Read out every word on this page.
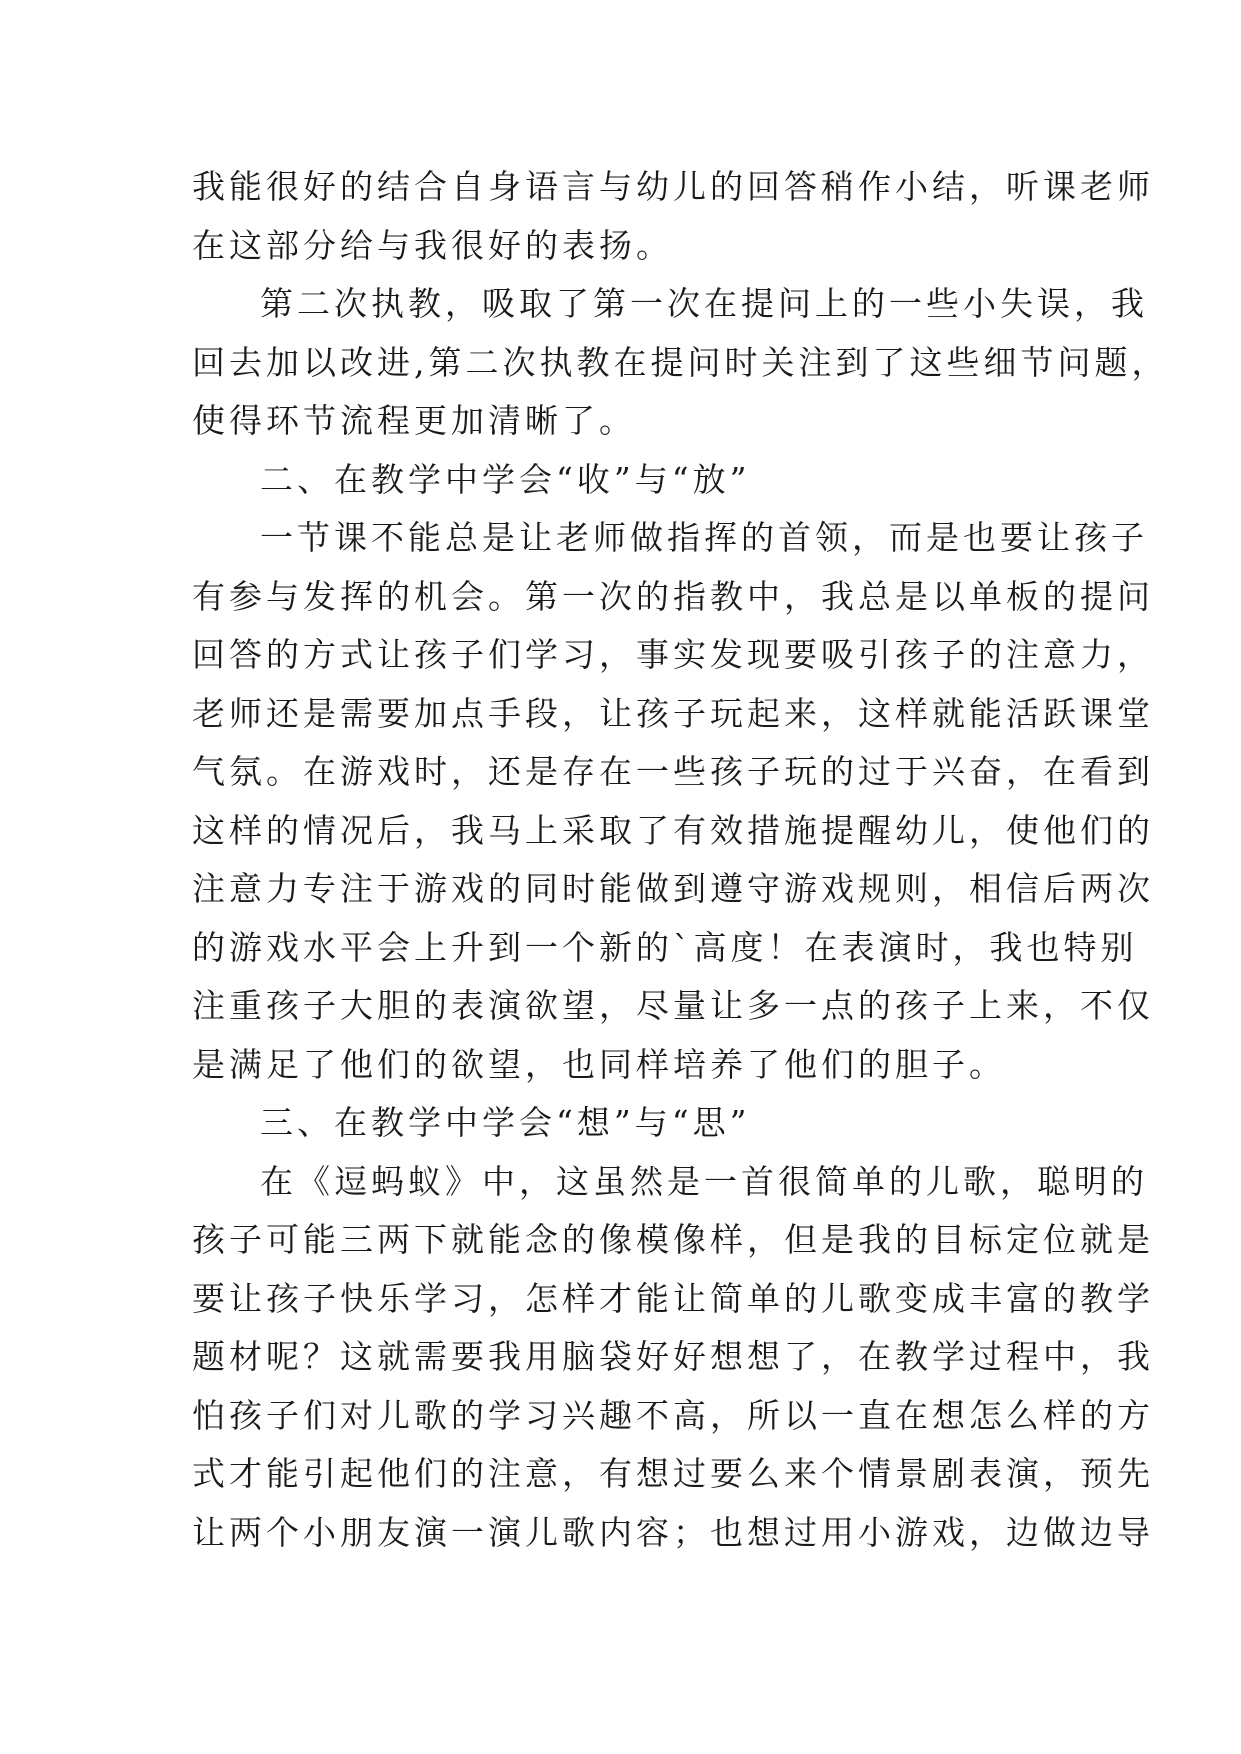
我能很好的结合自身语言与幼儿的回答稍作小结，听课老师
在这部分给与我很好的表扬。
第二次执教，吸取了第一次在提问上的一些小失误，我
回去加以改进,第二次执教在提问时关注到了这些细节问题，
使得环节流程更加清晰了。
二、在教学中学会“收”与“放”
一节课不能总是让老师做指挥的首领，而是也要让孩子
有参与发挥的机会。第一次的指教中，我总是以单板的提问
回答的方式让孩子们学习，事实发现要吸引孩子的注意力，
老师还是需要加点手段，让孩子玩起来，这样就能活跃课堂
气氛。在游戏时，还是存在一些孩子玩的过于兴奋，在看到
这样的情况后，我马上采取了有效措施提醒幼儿，使他们的
注意力专注于游戏的同时能做到遵守游戏规则，相信后两次
的游戏水平会上升到一个新的`高度！在表演时，我也特别
注重孩子大胆的表演欲望，尽量让多一点的孩子上来，不仅
是满足了他们的欲望，也同样培养了他们的胆子。
三、在教学中学会“想”与“思”
在《逗蚂蚁》中，这虽然是一首很简单的儿歌，聪明的
孩子可能三两下就能念的像模像样，但是我的目标定位就是
要让孩子快乐学习，怎样才能让简单的儿歌变成丰富的教学
题材呢？这就需要我用脑袋好好想想了，在教学过程中，我
怕孩子们对儿歌的学习兴趣不高，所以一直在想怎么样的方
式才能引起他们的注意，有想过要么来个情景剧表演，预先
让两个小朋友演一演儿歌内容；也想过用小游戏，边做边导
